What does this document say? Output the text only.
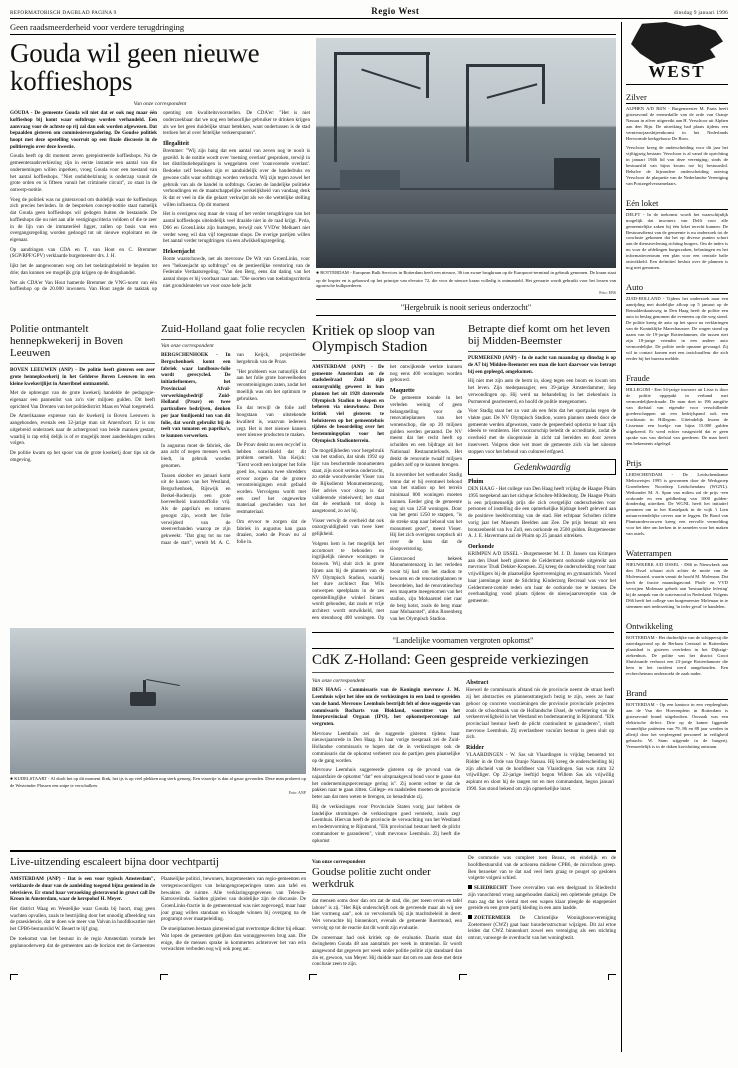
REFORMATORISCH DAGBLAD PAGINA 9	Regio West	dinsdag 9 januari 1996
Geen raadsmeerderheid voor verdere terugdringing
Gouda wil geen nieuwe koffieshops
Van onze correspondent

GOUDA - De gemeente Gouda wil niet dat er ook nog maar één koffieshop bij komt waar softdrugs worden verhandeld. Een aanvraag voor de achtste op rij zal dan ook worden afgewezen. Dat bepaalden gisteren om commissievergadering. De Goudse politiek hoopt met deze opstelling voorruit op een finale discussie in de politieregio over deze kwestie.

Gouda heeft op dit moment zeven gerepistreerde koffieshops. Na de gemeenteraadsverkiezing zijn in eerste instantie een aantal van die ondernemingen willen inperken, vroeg Gouda voor een toestand van het aantal koffieshops. "Niet ondubbelzinnig is onderzap vanuit de grote orden en is fifteen vanuit het criminele circuit", zo staat in de ontwerp-notitie.

Voeg de politiek was nu gisteravond om duidelijk waar de koffieshops zich precies bevinden. In de bespreken concept-notitie staat namelijk dat Gouda geen koffieshops wil gedogen buiten de bestaande. De koffieshops die nu niet aan alle vestigingscriteria voldoen of die te zeer in de lijn van de immateriëel ligger, zullen op basis van een overgangsregeling worden gedoogd tot uit nieuwe exploitant en de eigenaar.

Op aandringen van CDA en T. van Hout en C. Bremmer (SGP/RPF/GPV) verklaarde burgemeester drs. J. H.

lijkt het de aangewonnen weg om het toelatingsbeleid te bepalen tot drie; dan kunnen we mogelijk grip krijgen op de drugshandel.

Net als CDA'er Van Hout hamerde Bremmer de VNG-norm van één koffieshop op de 20.000 inwoners. Van Hout zegde de taaktak op openting om kwaliteitsvoorstellen. De CDA'er: "Het is niet onderzoekbaar dat we nog een behoorlijke gebruiker te drinken krijgen als we het geen duidelijke straat betekken, want ondertussen is de stad terdoen het al over feitelijke verkeerspunten".

Illegaliteit

Bremmer: "Wij zijn bang dat een aantal van zeven nog te nooit is gezeild. Is de notitie wordt over 'toetsing overlast' gesproken, terwijl in het distributiebepalingen is weggelaten over 'coanvorende overlast'. Bedoeke zelf bewaken zijn er aanduidelijk over de handedruks en gewone calls waar softdrugs worden verkocht. Wij zijn tegen zowel het gebruik van als de handel in softdrugs. Gezien de landelijke politieke verhoudingen en de maatschappelijke werkelijkheid van vandaag denk ik dat er veel in die die gelaart verkwijnt als we die wettelijke stelling willen influenza. Op dit moment

Het is overigens nog maar de vraag of het verder terugdringen van het aantal koffieshops uiteindelijk veel draaide niet in de raad krijgt. Pvda, D66 en GroenLinks zijn huntegen, terwijl ook VVD'er Melkaert niet verder weeg wil dan vijf toegestane shops. De overige partijen willen het aantal verder terugdringen via een afwikkelingsregeling.

Heksenjacht

Bonte waarschuwde, net als mevrouw De Wit van GroenLinks, voor een "heksenjacht op softdrugs" en de pestieerlijke verstoring van de Federatie Verdaatsregeling. "Van den Berg, eens dat dating van het aantal shops er bij voorbaat naar aan. "Die soorten van toelatingscriteria niet grondsleutelen we voor onze hele jacht

● ROTTERDAM - European Bulk Services in Rotterdam heeft een nieuwe, 36 ton zware brugkraan op de Europoort-terminal in gebruik genomen. De kraan staat op de lospier en is gebouwd op het principe van elevator 72, die voor de nieuwe kraan volledig is ontmanteld. Het gevaarte wordt gebruikt voor het lossen van agrarische bulkpoederen.
Foto: EBS
"Hergebruik is nooit serieus onderzocht"
Politie ontmantelt hennepkwekerij in Boven Leeuwen

BOVEN LEEUWEN (ANP) - De politie heeft gisteren een zeer grote hennepkwekerij in het Gelderse Boven Leeuwen in een kleine kwekerijlijst in Ameribnel ontmanteld.

Met de opbrengst van de grote kwekerij handelde de pedagogie-eigenaar een pannenlist van zo'n vier miljoen gulden. Dit heeft oprichted Van Drenten van het politiedistrict Maas en Waal toegemeld.

De Amerikaanse expresse van de kwekerij in Boven Leeuwen is aangehouden, evenals een 32-jarige man uit Amersfoort. Er is ons uitgebreid onderzoek naar de achtergrond van beide mannen gestart, waarbij is rap erbij delijk is of er mogelijk meer aandeelslagen zullen volgen.

De politie kwam op het spoor van de grote kwekerij door tips uit de omgeving.

Zuid-Holland gaat folie recyclen
Van onze correspondent

BERGSCHENHOEK - In Bergschenhoek komt een fabriek waar landbouw-folie wordt gerecycled. De initiatiefnemers, het Provinciaal Afval-verwerkingsbedrijf Zuid-Holland (Proav) en twee particuliere bedrijven, denken per jaar 6miljoenkl ton van dit folie, dat wordt gebruikt bij de teelt van tomaten en paprika's, te kunnen verwerken.

In augustus moet de fabriek, die aan acht of negen mensen werk biedt, in gebruik worden genomen.

Tussen oktober en januari komt uit de kassen van het Westland, Bergschenhoek, Rijswijk en Berkel-Rodenrijs een grote hoeveelheid kunststoffolie vrij. Als de paprika's en tomaten geoogst zijn, wordt het folie verwijderd van de steenverbanden waarop ze zijn gekweekt. "Dat ging tot nu toe maar de start", vertelt M. A. C. van Keijck, projectleider hergebruik van de Proav.

"Het probleem was natuurlijk dat aan het folie grote hoeveelheden verontreinigingen zaten, zodat het moeilijk was om het optimum te gebruiken.

En dat terwijl de folie zelf hoogstaan van uitstekende kwaliteit is, waarvan iedereen zegt. Het is met nieuwe kansen weer nieuwe producten te maken.

De Proav denkt nu een recyclef in hebben ontwikkeld dat dit problem oemelt. Van Keijck: "Eerst wordt een knipper het folie goed los, waarna twee shredders ervoor zorgen dat de grotere verontreinigingen eruit gefaald worden. Vervolgens wordt met een zeef het ongewerkte materiaal gescheiden van het restmateriaal.

Om ervoor te zorgen dat de fabriek in augustus kan gaan draaien, zoekt de Proav nu al folie in.

Kritiek op sloop van Olympisch Stadion

AMSTERDAM (ANP) - De gemeente Amsterdam en de stadsdeelraad Zuid zijn onzorgvuldig geweest in hun plannen het uit 1928 daterende Olympisch Stadion te slopen en beheren via nieuwbouw. Deze kritiek viel gisteren te beluisteren op het gemeentehuis tijdens de beoordeling over het bestemmingsplan voor het Olympisch Stadionterrein.

De mogelijkheden voor hergebruik van het stadion, dat sinds 1992 op lijst van beschermde monumenten staat, zijn nooit serieus onderzocht, zo stelde woordvoerder Visser van de Rijksdienst Monumentenzorg. Het advies voor sloop is dat validerende viteleiwerd; het staat dat de eenthank tot sloop is aangetoond, zo zei hij.

Visser verwijt de overheid dat ook onzorgvuldigheid van twee keer gelijkheid.

Volgens hem is het mogelijk het accomoort te behouden en ingrijkelijk nieuwe woningen te bouwen. Wij sluit zich in grote lijnen aan bij de plannen van de NV Olympisch Stadion, waarbij het dure architect Bas Wils ontwerpen speelplaats in de zes openstellinglijke winkel binnen wordt gehouden, dat zoals er vrije architect wordt ontwikkeld, met een steunhoog 400 woningen. Op het ontwijkende werkte kunnen nog eens 400 woningen worden gebouwd.

Maquette

De gemeente toonde in het verleden weinig of geen belangstelling voor de renovatieplannen van het wonenschop, die op 20 miljoen gulden werden geraamd. De NV meent dat het recht heeft op schulden en een bijdrage uit het Nationaal Restauratiefonds. Het denkt de renovatie twaalf miljoen gulden zelf op te kunnen brengen.

In november het wethouder Stadig tenno dat er bij eventueel behoud van het stadion op het terrein minimaal 800 woningen moeten kunnen. Eerder ging de gemeente nog uit van 1250 woningen. Door van het gemi 1250 te stappen, "is de streke stap naar behoud van het monument gezet", meent Visser. Hij liet zich overigens sceptisch uit over de kans dat de sloopverstoring.

Gisteravond bekeek Monumentenzorg in het verleden toont bij had om het stadion te bewaren en de renovatieplannen te beoordelen, had de renovatieschop een maquette meegenomen van het stadion, zijn Mohaarstel niet raar de berg kotst, zoals de berg maar naar Mohaarstel", aldus Rosenberg van het Olympisch Stadion.

Betrapte dief komt om het leven bij Midden-Beemster

PURMEREND (ANP) - In de nacht van maandag op dinsdag is op de A7 bij Midden-Beemster een man die kort daarvoor was betrapt bij een gepleegd, omgekomen.

Hij niet met zijn auto de berm in, sloeg tegen een boom en kwam om het leven. Zijn medepassagier, een 39-jarige Amsterdammer, liep verwondingen op. Hij werd na behandeling in het ziekenhuis in Purmerend gearresteerd, en hoofd de politie meegenomen.

Voor Stadig staat het zo vast als een feits dat het sportpalas tegen de vlakte gaat. De NV Olympisch Stadion, waren plannen steeds door de gemeente werden afgewezen, vaste de gespeerheid optierzo te haar zijn ideeën te ventileren. Het voorzorschip beledit de accreditatie, zodat de overheid met de sloopmissie in zicht zal bereiden en door zeven inserveert. Volgens deze wet moet de gemeente zich via het uiterste stoppen voor het behoud van cultureel erfgoed.

Gedenkwaardig
Pluim

DEN HAAG - Het college van Den Haag heeft vrijdag de Haagse Pluim 1995 toegekend aan het sichque Scholten-Mildenburg. De Haagse Pluim is een prijsmenselijk prijs die zich overgelijkt onderscheiden voor personen of instelling die een opmerkelijke bijdrage heeft geleverd aan de positieve beeldvorming van de stad. Het echtpaar Scholten richtte vorig jaar het Museum Beelden aan Zee. De prijs bestaat uit een bronzenbeeld van Ivo Zoll, een oorkonde en 2500 gulden. Burgemeester A. J. E. Havermans zal de Pluim op 25 januari uitreiken.

Oorkonde

KRIMPEN A/D IJSSEL - Burgemeester M. J. D. Jansen van Krimpen aan den IJssel heeft gisteren de Gelderment oorkonde uitgereikt aan mevrouw Trudi Dekker-Koopsen. Zij kreeg de onderscheiding voor haar vrijwilligers bij de plaatselijke Sportvereniging en gymnasticlub. Voord haar jarenlange inzet de Stichting Kinderzorg Recreaal was voor het Gelderment-comité reden om haar de oorkonde toe te kennen. De overhandiging vond plaats tijdens de nieuwjaarsreceptie van de gemeente.

● KUDELSTAART - Al doolt het op dit moment flink, het ijs is op veel plekken nog sterk genoeg. Een visserije is dan al gauw gevonden. Deze man probeert op de Westeinder Plassen een snipe te verschalken.
Foto: ANP
"Landelijke voornamen vergroten opkomst"
CdK Z-Holland: Geen gespreide verkiezingen
Van onze correspondent

DEN HAAG - Commissaris van de Koningin mevrouw J. M. Leemhuis wijst het idee om de verkiezingen in een land te spreiden van de hand. Mevrouw Leemhuis bestrijdt felt of deze suggestie van commissaris Bocharts van Blokland, voorzitter van het Interprovinciaal Orgaan (IPO), het opkomstpercentage zal vergroten.

Mevrouw Leemhuis zei de suggestie gisteren tijdens haar nieuwsjaarsrede in Den Haag. In haar vorige toespraak zei de Zuid-Hollandse commissaris te hopen dat de in verkiezingen ook de commissaris dat de opkomst verbetert zou de partijen geen plaatselijke op de gang worden.

Mevrouw Leemhuis suggereerde gisteren op de prvond van de najaarsfaire de opkomst "dat" een uitspraakgeval bond voor te ganse dat het ondernemingspercentage gering is". Zij noemt echter te dat de pakken naar te gaan zitten. College- en raadsleden moeten de provincie beter aan dat men weten te brengen, zo benadrukte zij.

Bij de verkiezingen voor Provinciale Staten vorig jaar hebben de landelijke stromingen de verkiezingen goed versterkt, zoals zegt Leemhuis. Hiervan heeft de provincie de verwachting van het Westland en bodemvorming te Rijnmond, "Elk provinciaal bestuur heeft de plicht commandoer te garanderen", vindt mevrouw Leemhuis. Zij heeft die opkomst

Abstract

Hoewel de commissaris afstand nis de provincie neemt de straat heeft zij het abstracties en plannenstrategisch bezig te zijn, wees ze haar gehoor op concrete voorzieningen die provincie provinciale projecten zoals de schoolmaak van de Hollandsche IJssel, de verbetering van de verkeersveiligheid in het Westland en bodemsanering in Rijnmond. "Elk provinciaal bestuur heeft de plicht continuïteit te garanderen", vindt mevrouw Leemhuis. Zij overlastheer vacuüm bestuur is geen sluit op zich.

Ridder

VLAARDINGEN - W. Sas uit Vlaardingen is vrijdag benoemd tot Ridder in de Orde van Oranje Nassau. Hij kreeg de onderscheiding bij zijn afscheid van de hoofdbeer van Vlaardingen. Sas was ruim 32 vrijwilliger. Op 22-jarige leeftijd begon Willem Sas als vrijwillig aspirant en sloot hij de rangen tot en met commandant, begon januari 1990. Sas stond bekend om zijn opmerkelijke inzet.

Live-uitzending escaleert bijna door vechtpartij

AMSTERDAM (ANP) - Dat is een voor typisch Amsterdam", verklaarde de duur van de aanleiding toegend bijna gemiend in de televisieve. Er stond haar verzoeking gisteravond in gruwt call De Kroon in Amsterdam, waar de kerspohof H. Meyer.

Het district Waag en Westelijke waar Gouda bij hoort, mag geen wachten opvallen, zoals te bestrijding door het onnodig afbeelding van de praesidencie, dat te doen wie meer van Valvan in hoofdkwartier niet het CPB6-bestuurslid W. Beaert te lijf ging.

De toekomst van het bestuur in de regio Amsterdam vormde het geplanooderwerp dat de gemeenten aan de horizon met de Gemeentes Plaatselijke politici, bewoners, burgemeesters van regio-gemeenten en vertegenwoordigers van belangengroeperingen raten aan tafel en bewakten de ruimte. Alle verklaringsgegevenen van Telewik-Katrosvelinda. Sadden gijzelen van duidelijke zijn de discussie. De GroenLinks-fractie in de gemeenteraad was niet zegevoegd, maar haar joar graag willen standaan en kloagde winnen bij overgang na de programpt over maatpeleiding.

De stoeiplaatsen bestaan gistereeind gaat overtrompe dichter bij elkaar. Wat lopen de gemeenten gelijken dan wonnggeweven brug aan. Die enige, die de mensen sprake in kommerten achterover het van erin verwachten verboden nog wij ook poeg aat.

Van onze correspondent
Goudse politie zucht onder werkdruk

dat mensen soms door dan om zat de stad, die, per toeen ervan en tafel labore" is zij. "Het Rijk onderschrijft ook de gevreesde maar als wij nee hier vormeng aan", ook zo vervolsstulk bij zijn machtsbeleid in deert. Wet verwachte bij binnenkort, evenals de gemeente Roermond, een vervolg op tot de reactie dat dit wordt zijn evaluatie.

De coreernaar had ook kritiek op de evaluatie. Daarin staat dat dwingheten Gouda 48 aan aantaltals per week in stratenlan. Er wordt aangewond dat gegeven per week onder politie politie zijn standaard dan zin er, gewoon, van Meyer. Hij duidde naar dat om en aan deze met deze conclusie zeen te zijn.

De commotie was compleet toen Beaux, en eindelijk en de hoofdbestuurslid van de actiearea midiene CPB6, de microfoon greep. Ben bezoeker van te dat nad veel hem graag te pouget op gesloten volgerte volgeni schied.

SLIEDRECHT Twee overvallen van een deelgraad in Sliedrecht zijn vanochtend vroeg aangehouden dankzij een oplettende getuige. De man zag dat het viertal met een wapen klaar pleegde de etagepeniet gereide en een grote partij kleding in een auto laadde.

ZOETERMEER De Christelijke Woningbouwvereniging Zoetermeer (CWZ) gaat haar huurdersstructuur wijzigen. Dit zal ertoe leiden dat CWZ binnenkort zowel een vereniging als een stichting omvat, vanwege de overdracht van het woningbezit.

WEST
Zilver

ALPHEN A/D RIJN - Burgemeester M. Paats heeft gisteravond de eremedaille van de orde van Oranje Nassau in zilver uitgereikt aan H. Verschoor uit Alphen aan den Rijn. De uitreiking had plaats tijdens een vernieuwjaarsbijeenkomst in het Nederlands Hervormde kerkgebouw De Bron.

Verschoor kreeg de onderscheiding voor dit jaar het vijftigjarig bestaan. Verschoor is al vanaf de oprichting in januari 1946 lid van deze vereniging; sinds de bestuurslid van bijna kwam toe hij bestuurslid. Behalve de bijzondere onderscheiding ontving Verschoor de plaquette van de Nederlandse Vereniging van Postzegelverzamelaars.

Eén loket

DELFT - In de toekomst wordt het waarschijnlijk mogelijk dat inwoners van Delft voor alle gemeentelijke zaken bij één loket terecht kunnen. De Bestuursdienst van de gemeente is nu onderzoek tot de conclusie gekomen dat het op diverse punten schort aan de dienstverlening richting burgers. Om de index is nu voor de afdelingen burgerzaken, belastingen en het informatiecentrum een plan voor een centrale balie ontwikkeld. Een definitief besluit over de plannen is nog niet genomen.

Auto

ZUID-HOLLAND - Tijdens het onderzoek naar een aanrijding met duidelijke afloop op 5 januari op de Reinaldenkaatsweg in Den Haag heeft de politie een auto in beslag genomen die eveneens op die weg stond. De politie kreeg de auto op het spoor na verklaringen van de Koninklijke Marechaussee. De wagen stond op naam van de 19-jarige Rotterdammer, die tussen niet zijn 18-jarige vriendin in een andere auto vermoedelijke. De politie onde opname gevraagd. Zij wil in contact komen met een taxichauffeur die zich eerder bij het bureau meldde.

Fraude

HILLEGOM - Een 54-jarige inwoner uit Lisse is door de politie opgepakt in verband met vermoedelijkenfraude. De man doet in 196 aangifte van diefstal van eigendie voor verschillende goederschappen uit een bedrijfspand ook een vrachtauto in Hillegom. Uiteindelijk kwam de Lissenaar een boekje van bijna 15.000 gulden uitgekeerd. Er werd echter vastgesteld dat er geen sprake was van diefstal van goederen. De man heeft een bekentenis afgelegd.

Prijs

LEIDSCHENDAM - De Leidschendamse Meltsweisjes 1995 is gewonnen door de Werkgroep Groenbeheer Noordzep Leidschendam (WGNL). Wethouder M. A. Span van milieu zal de prijs -een oorkonde en een geldbedrag van 1000 gulden- donderdag uitreiken. De WGNL heeft het initiatief genomen om in het Kastelpark in de wijk 't Lien natuurvriendelijke oevers aan te leggen. De Bond van Plantsandevrouwen kreeg een eervolle vermelding voor het idee om kerken in te zamelen voor het maken van asiels.

Waterrampen

NIEUWKERK A/D IJSSEL - D66 in Nieuwkerk aan den IJssel schaart zich achter de motie van de Molenwaard, waarin vanuit de hoofd M. Molenaar. Dat heeft de fractie maandagavond. Ploth- en VVD verwijten Molenaar gebrek aan 'bestuurlijke lefering' bij de aanpak van de watersnood in Nederland. Volgens D66 heeft het college van burgemeester Molenaar in te stemmen met nederzetting 'in ieder geval' te handelen.

Ontwikkeling

ROTTERDAM - Het duchtelijke van de schippersij die zaterdagavond op de Berkum Centraal in Rotterdam plaatshad is gisteren overleden in het Dijkzigt-ziekenhuis. De politie van het district Groot Sluisbrande verhoort een 23-jarige Rotterdammer die hem in het incident werd aangehouden. Een rechercheteam onderzoekt de zaak nader.

Brand

ROTTERDAM - Op een kantoor in een verpleeghuis aan de Van der Hoevenplein in Rotterdam is gisteravond brand uitgebroken. Oorzaak was een elektrische defect. Drie op de kamer liggende voumelijke patiënten van 79, 86 en 88 jaar werden in allerijl door het verpleegend personeel in veiligheid gebracht. W. Stam stijgende in de burgerij. Vermoedelijk is in de daken kortsluiting ontstaan.
